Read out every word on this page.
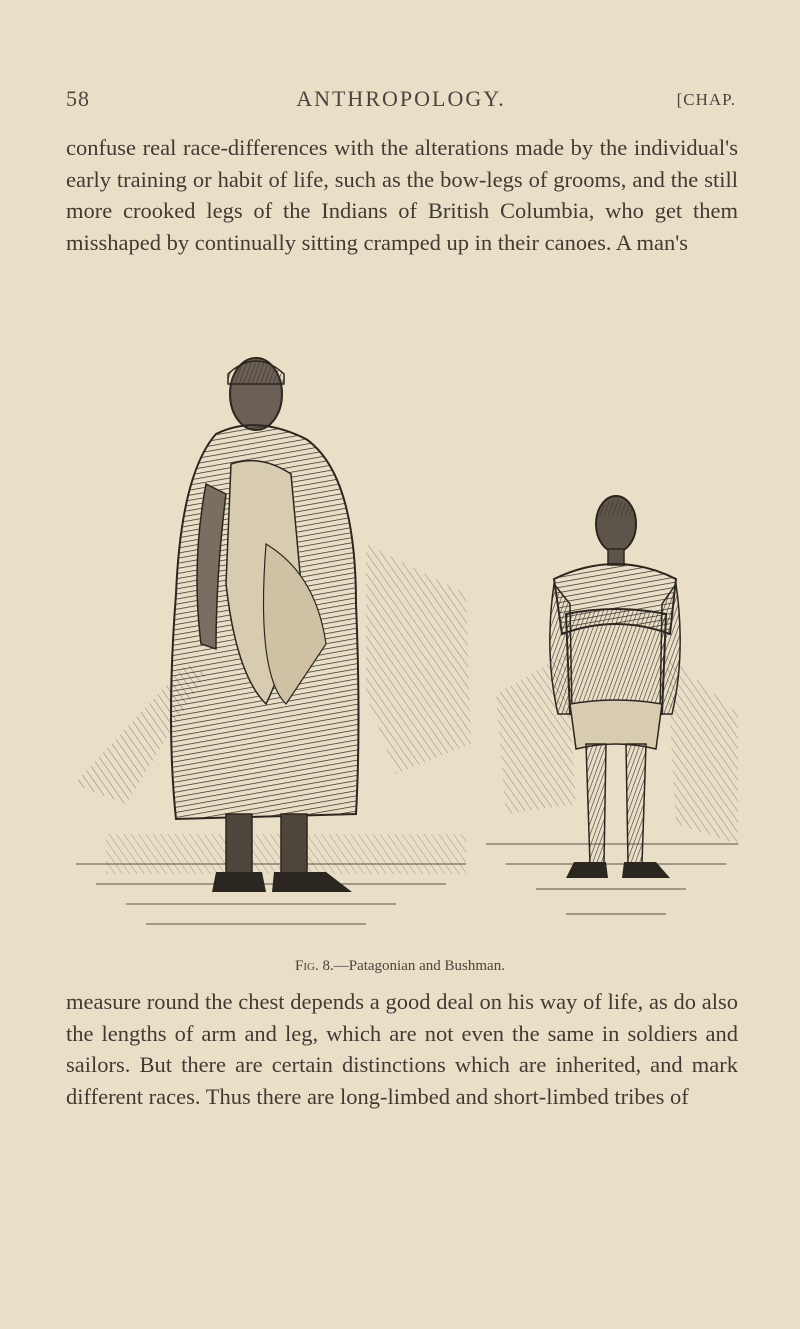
58	ANTHROPOLOGY.	[CHAP.
confuse real race-differences with the alterations made by the individual's early training or habit of life, such as the bow-legs of grooms, and the still more crooked legs of the Indians of British Columbia, who get them misshaped by continually sitting cramped up in their canoes. A man's
Fig. 8.—Patagonian and Bushman.
measure round the chest depends a good deal on his way of life, as do also the lengths of arm and leg, which are not even the same in soldiers and sailors. But there are certain distinctions which are inherited, and mark different races. Thus there are long-limbed and short-limbed tribes of
